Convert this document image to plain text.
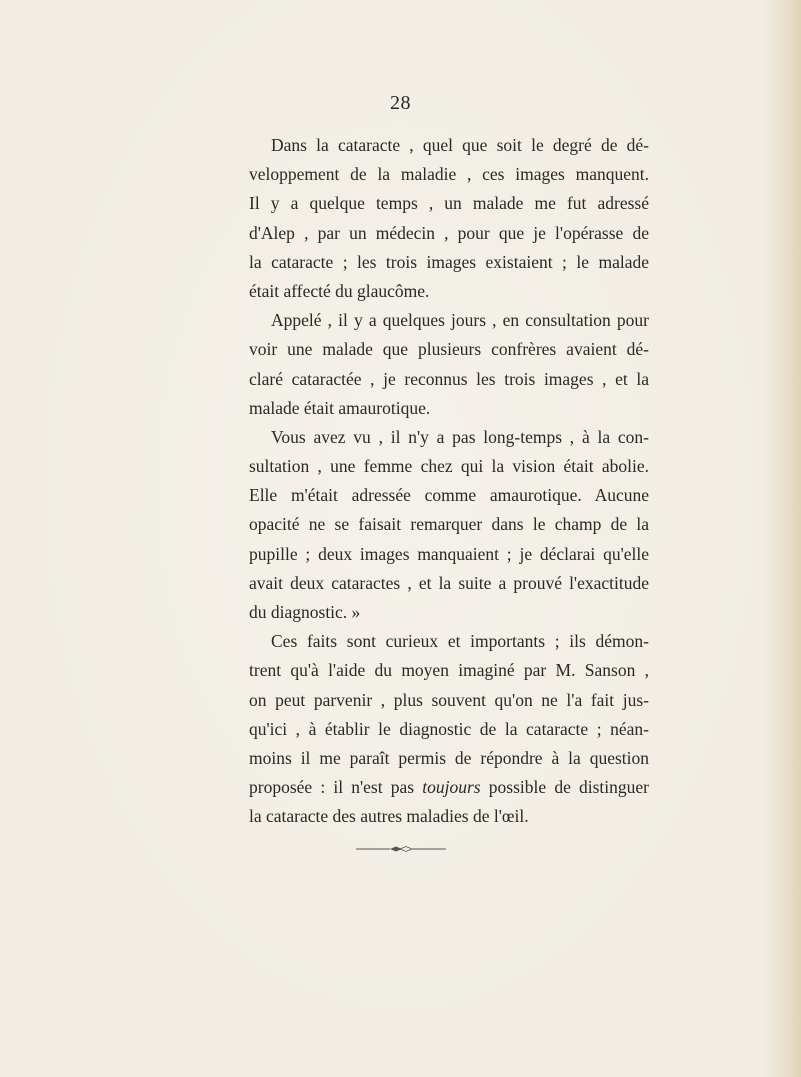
28
Dans la cataracte , quel que soit le degré de dé-
veloppement de la maladie , ces images manquent.
Il y a quelque temps , un malade me fut adressé
d'Alep , par un médecin , pour que je l'opérasse de
la cataracte ; les trois images existaient ; le malade
était affecté du glaucôme.
Appelé , il y a quelques jours , en consultation pour
voir une malade que plusieurs confrères avaient dé-
claré cataractée , je reconnus les trois images , et la
malade était amaurotique.
Vous avez vu , il n'y a pas long-temps , à la con-
sultation , une femme chez qui la vision était abolie.
Elle m'était adressée comme amaurotique. Aucune
opacité ne se faisait remarquer dans le champ de la
pupille ; deux images manquaient ; je déclarai qu'elle
avait deux cataractes , et la suite a prouvé l'exactitude
du diagnostic. »
Ces faits sont curieux et importants ; ils démon-
trent qu'à l'aide du moyen imaginé par M. Sanson ,
on peut parvenir , plus souvent qu'on ne l'a fait jus-
qu'ici , à établir le diagnostic de la cataracte ; néan-
moins il me paraît permis de répondre à la question
proposée : il n'est pas toujours possible de distinguer
la cataracte des autres maladies de l'œil.
